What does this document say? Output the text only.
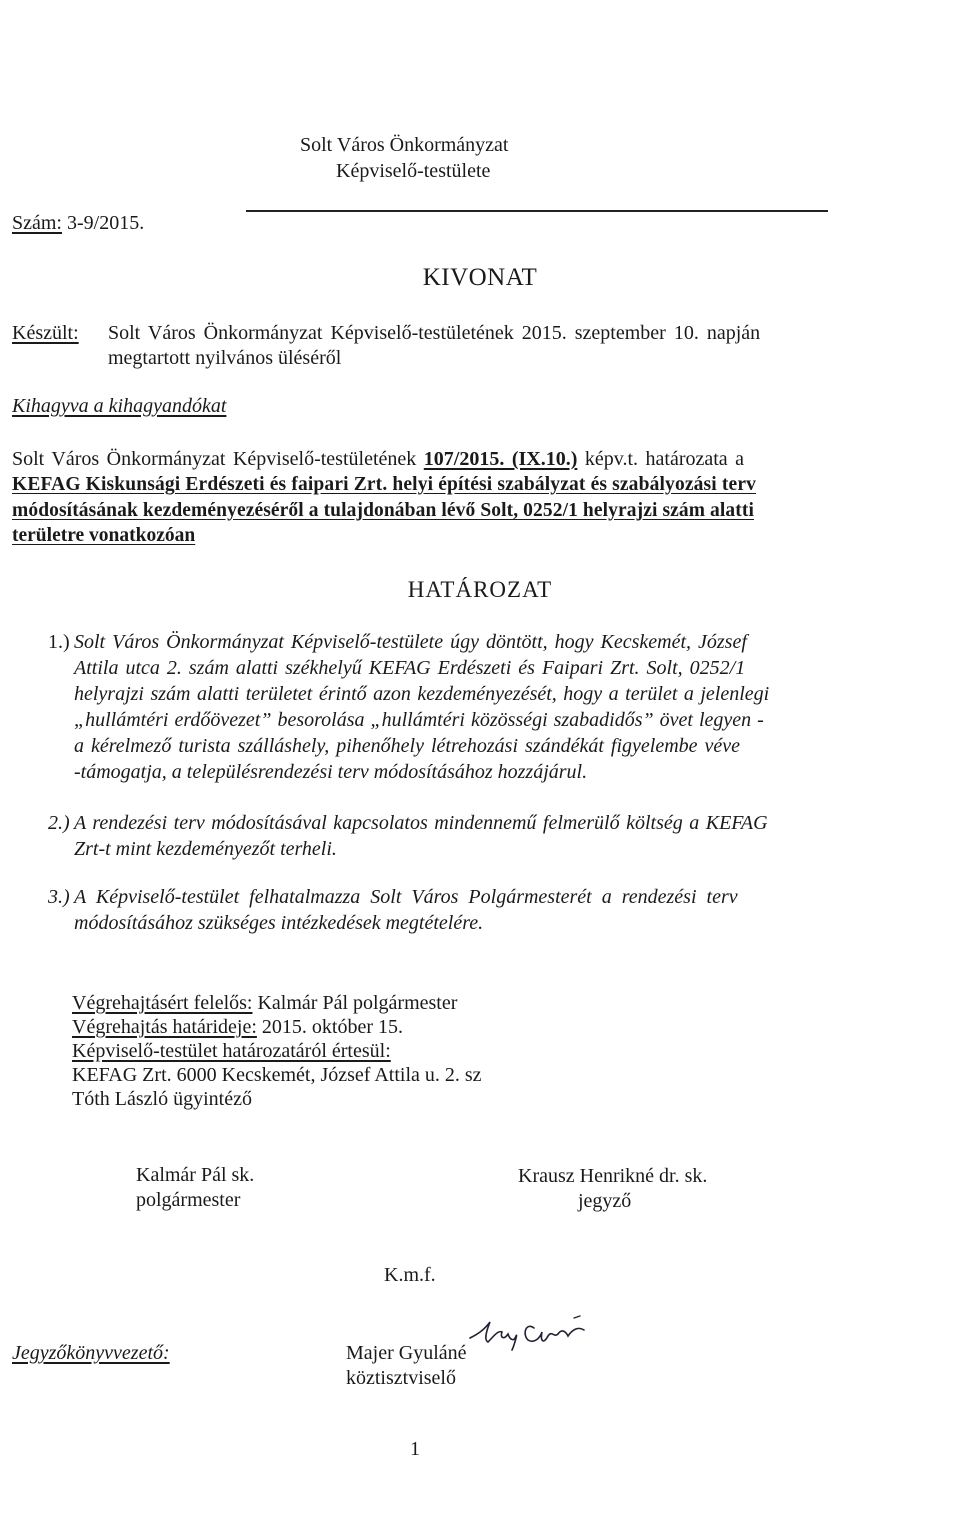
Solt Város Önkormányzat
Képviselő-testülete
Szám: 3-9/2015.
KIVONAT
Készült: Solt Város Önkormányzat Képviselő-testületének 2015. szeptember 10. napján
megtartott nyilvános üléséről
Kihagyva a kihagyandókat
Solt Város Önkormányzat Képviselő-testületének 107/2015. (IX.10.) képv.t. határozata a
KEFAG Kiskunsági Erdészeti és faipari Zrt. helyi építési szabályzat és szabályozási terv
módosításának kezdeményezéséről a tulajdonában lévő Solt, 0252/1 helyrajzi szám alatti
területre vonatkozóan
HATÁROZAT
1.) Solt Város Önkormányzat Képviselő-testülete úgy döntött, hogy Kecskemét, József
Attila utca 2. szám alatti székhelyű KEFAG Erdészeti és Faipari Zrt. Solt, 0252/1
helyrajzi szám alatti területet érintő azon kezdeményezését, hogy a terület a jelenlegi
„hullámtéri erdőövezet” besorolása „hullámtéri közösségi szabadidős” övet legyen -
a kérelmező turista szálláshely, pihenőhely létrehozási szándékát figyelembe véve
-támogatja, a településrendezési terv módosításához hozzájárul.
2.) A rendezési terv módosításával kapcsolatos mindennemű felmerülő költség a KEFAG
Zrt-t mint kezdeményezőt terheli.
3.) A Képviselő-testület felhatalmazza Solt Város Polgármesterét a rendezési terv
módosításához szükséges intézkedések megtételére.
Végrehajtásért felelős: Kalmár Pál polgármester
Végrehajtás határideje: 2015. október 15.
Képviselő-testület határozatáról értesül:
KEFAG Zrt. 6000 Kecskemét, József Attila u. 2. sz
Tóth László ügyintéző
Kalmár Pál sk.
polgármester
Krausz Henrikné dr. sk.
jegyző
K.m.f.
Jegyzőkönyvvezető:	Majer Gyuláné
köztisztviselő
1
